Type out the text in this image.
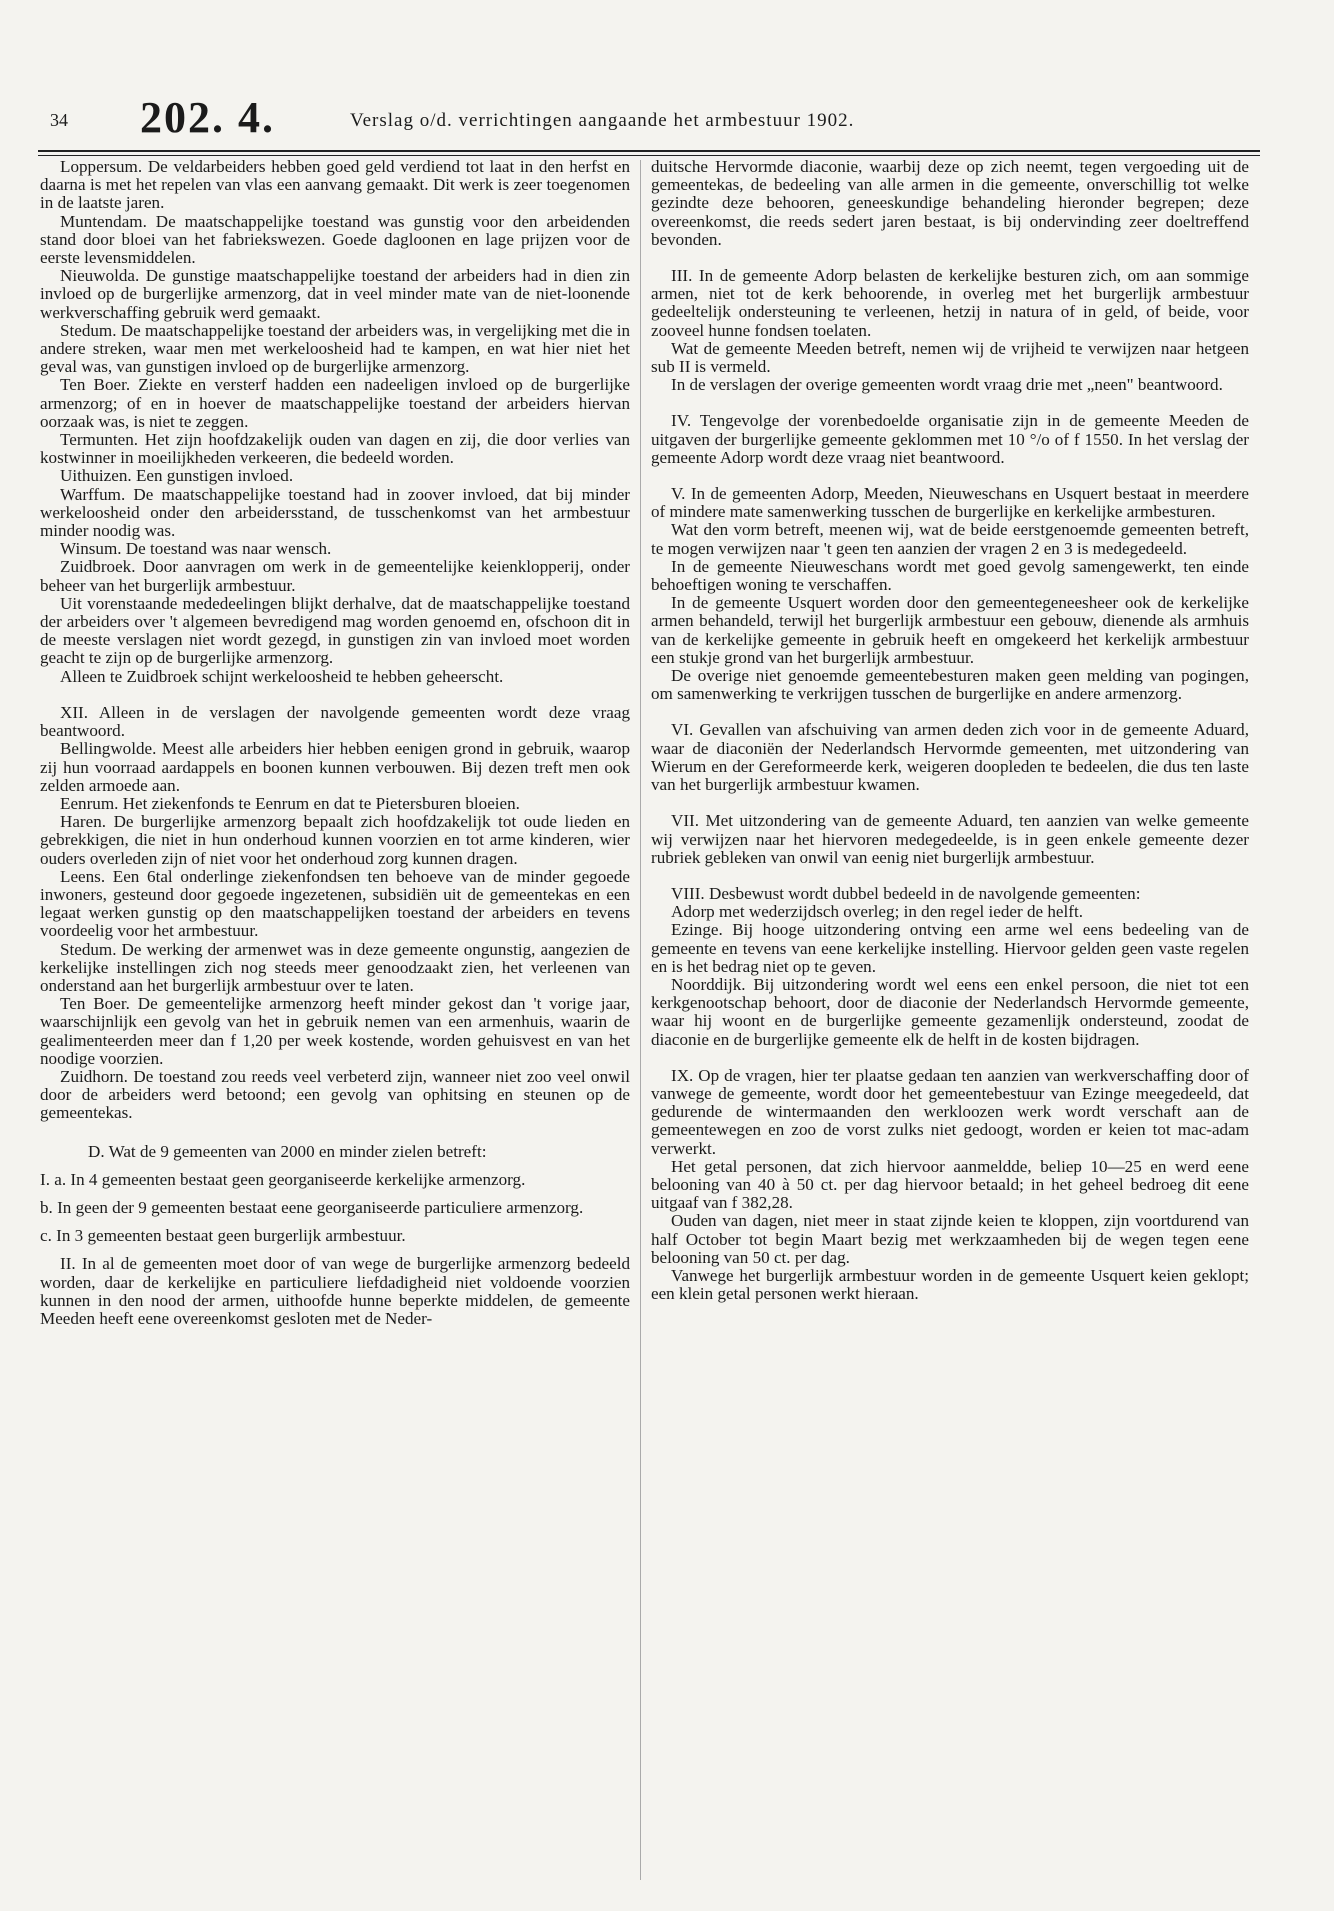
34 202. 4.	Verslag o/d. verrichtingen aangaande het armbestuur 1902.

Loppersum. De veldarbeiders hebben goed geld verdiend tot laat in den herfst en daarna is met het repelen van vlas een aanvang gemaakt. Dit werk is zeer toegenomen in de laatste jaren.

Muntendam. De maatschappelijke toestand was gunstig voor den arbeidenden stand door bloei van het fabriekswezen. Goede dagloonen en lage prijzen voor de eerste levensmiddelen.

Nieuwolda. De gunstige maatschappelijke toestand der arbeiders had in dien zin invloed op de burgerlijke armenzorg, dat in veel minder mate van de niet-loonende werkverschaffing gebruik werd gemaakt.

Stedum. De maatschappelijke toestand der arbeiders was, in vergelijking met die in andere streken, waar men met werkeloosheid had te kampen, en wat hier niet het geval was, van gunstigen invloed op de burgerlijke armenzorg.

Ten Boer. Ziekte en versterf hadden een nadeeligen invloed op de burgerlijke armenzorg; of en in hoever de maatschappelijke toestand der arbeiders hiervan oorzaak was, is niet te zeggen.

Termunten. Het zijn hoofdzakelijk ouden van dagen en zij, die door verlies van kostwinner in moeilijkheden verkeeren, die bedeeld worden.

Uithuizen. Een gunstigen invloed.

Warffum. De maatschappelijke toestand had in zoover invloed, dat bij minder werkeloosheid onder den arbeidersstand, de tusschenkomst van het armbestuur minder noodig was.

Winsum. De toestand was naar wensch.

Zuidbroek. Door aanvragen om werk in de gemeentelijke keienklopperij, onder beheer van het burgerlijk armbestuur.

Uit vorenstaande mededeelingen blijkt derhalve, dat de maatschappelijke toestand der arbeiders over 't algemeen bevredigend mag worden genoemd en, ofschoon dit in de meeste verslagen niet wordt gezegd, in gunstigen zin van invloed moet worden geacht te zijn op de burgerlijke armenzorg.

Alleen te Zuidbroek schijnt werkeloosheid te hebben geheerscht.

XII. Alleen in de verslagen der navolgende gemeenten wordt deze vraag beantwoord.

Bellingwolde. Meest alle arbeiders hier hebben eenigen grond in gebruik, waarop zij hun voorraad aardappels en boonen kunnen verbouwen. Bij dezen treft men ook zelden armoede aan.

Eenrum. Het ziekenfonds te Eenrum en dat te Pietersburen bloeien.

Haren. De burgerlijke armenzorg bepaalt zich hoofdzakelijk tot oude lieden en gebrekkigen, die niet in hun onderhoud kunnen voorzien en tot arme kinderen, wier ouders overleden zijn of niet voor het onderhoud zorg kunnen dragen.

Leens. Een 6tal onderlinge ziekenfondsen ten behoeve van de minder gegoede inwoners, gesteund door gegoede ingezetenen, subsidiën uit de gemeentekas en een legaat werken gunstig op den maatschappelijken toestand der arbeiders en tevens voordeelig voor het armbestuur.

Stedum. De werking der armenwet was in deze gemeente ongunstig, aangezien de kerkelijke instellingen zich nog steeds meer genoodzaakt zien, het verleenen van onderstand aan het burgerlijk armbestuur over te laten.

Ten Boer. De gemeentelijke armenzorg heeft minder gekost dan 't vorige jaar, waarschijnlijk een gevolg van het in gebruik nemen van een armenhuis, waarin de gealimenteerden meer dan f 1,20 per week kostende, worden gehuisvest en van het noodige voorzien.

Zuidhorn. De toestand zou reeds veel verbeterd zijn, wanneer niet zoo veel onwil door de arbeiders werd betoond; een gevolg van ophitsing en steunen op de gemeentekas.

D. Wat de 9 gemeenten van 2000 en minder zielen betreft:

I. a. In 4 gemeenten bestaat geen georganiseerde kerkelijke armenzorg.

b. In geen der 9 gemeenten bestaat eene georganiseerde particuliere armenzorg.

c. In 3 gemeenten bestaat geen burgerlijk armbestuur.

II. In al de gemeenten moet door of van wege de burgerlijke armenzorg bedeeld worden, daar de kerkelijke en particuliere liefdadigheid niet voldoende voorzien kunnen in den nood der armen, uithoofde hunne beperkte middelen, de gemeente Meeden heeft eene overeenkomst gesloten met de Neder-

duitsche Hervormde diaconie, waarbij deze op zich neemt, tegen vergoeding uit de gemeentekas, de bedeeling van alle armen in die gemeente, onverschillig tot welke gezindte deze behooren, geneeskundige behandeling hieronder begrepen; deze overeenkomst, die reeds sedert jaren bestaat, is bij ondervinding zeer doeltreffend bevonden.

III. In de gemeente Adorp belasten de kerkelijke besturen zich, om aan sommige armen, niet tot de kerk behoorende, in overleg met het burgerlijk armbestuur gedeeltelijk ondersteuning te verleenen, hetzij in natura of in geld, of beide, voor zooveel hunne fondsen toelaten.

Wat de gemeente Meeden betreft, nemen wij de vrijheid te verwijzen naar hetgeen sub II is vermeld.

In de verslagen der overige gemeenten wordt vraag drie met „neen" beantwoord.

IV. Tengevolge der vorenbedoelde organisatie zijn in de gemeente Meeden de uitgaven der burgerlijke gemeente geklommen met 10 °/o of f 1550. In het verslag der gemeente Adorp wordt deze vraag niet beantwoord.

V. In de gemeenten Adorp, Meeden, Nieuweschans en Usquert bestaat in meerdere of mindere mate samenwerking tusschen de burgerlijke en kerkelijke armbesturen.

Wat den vorm betreft, meenen wij, wat de beide eerstgenoemde gemeenten betreft, te mogen verwijzen naar 't geen ten aanzien der vragen 2 en 3 is medegedeeld.

In de gemeente Nieuweschans wordt met goed gevolg samengewerkt, ten einde behoeftigen woning te verschaffen.

In de gemeente Usquert worden door den gemeentegeneesheer ook de kerkelijke armen behandeld, terwijl het burgerlijk armbestuur een gebouw, dienende als armhuis van de kerkelijke gemeente in gebruik heeft en omgekeerd het kerkelijk armbestuur een stukje grond van het burgerlijk armbestuur.

De overige niet genoemde gemeentebesturen maken geen melding van pogingen, om samenwerking te verkrijgen tusschen de burgerlijke en andere armenzorg.

VI. Gevallen van afschuiving van armen deden zich voor in de gemeente Aduard, waar de diaconiën der Nederlandsch Hervormde gemeenten, met uitzondering van Wierum en der Gereformeerde kerk, weigeren doopleden te bedeelen, die dus ten laste van het burgerlijk armbestuur kwamen.

VII. Met uitzondering van de gemeente Aduard, ten aanzien van welke gemeente wij verwijzen naar het hiervoren medegedeelde, is in geen enkele gemeente dezer rubriek gebleken van onwil van eenig niet burgerlijk armbestuur.

VIII. Desbewust wordt dubbel bedeeld in de navolgende gemeenten:

Adorp met wederzijdsch overleg; in den regel ieder de helft.

Ezinge. Bij hooge uitzondering ontving een arme wel eens bedeeling van de gemeente en tevens van eene kerkelijke instelling. Hiervoor gelden geen vaste regelen en is het bedrag niet op te geven.

Noorddijk. Bij uitzondering wordt wel eens een enkel persoon, die niet tot een kerkgenootschap behoort, door de diaconie der Nederlandsch Hervormde gemeente, waar hij woont en de burgerlijke gemeente gezamenlijk ondersteund, zoodat de diaconie en de burgerlijke gemeente elk de helft in de kosten bijdragen.

IX. Op de vragen, hier ter plaatse gedaan ten aanzien van werkverschaffing door of vanwege de gemeente, wordt door het gemeentebestuur van Ezinge meegedeeld, dat gedurende de wintermaanden den werkloozen werk wordt verschaft aan de gemeentewegen en zoo de vorst zulks niet gedoogt, worden er keien tot mac-adam verwerkt.

Het getal personen, dat zich hiervoor aanmeldde, beliep 10—25 en werd eene belooning van 40 à 50 ct. per dag hiervoor betaald; in het geheel bedroeg dit eene uitgaaf van f 382,28.

Ouden van dagen, niet meer in staat zijnde keien te kloppen, zijn voortdurend van half October tot begin Maart bezig met werkzaamheden bij de wegen tegen eene belooning van 50 ct. per dag.

Vanwege het burgerlijk armbestuur worden in de gemeente Usquert keien geklopt; een klein getal personen werkt hieraan.
